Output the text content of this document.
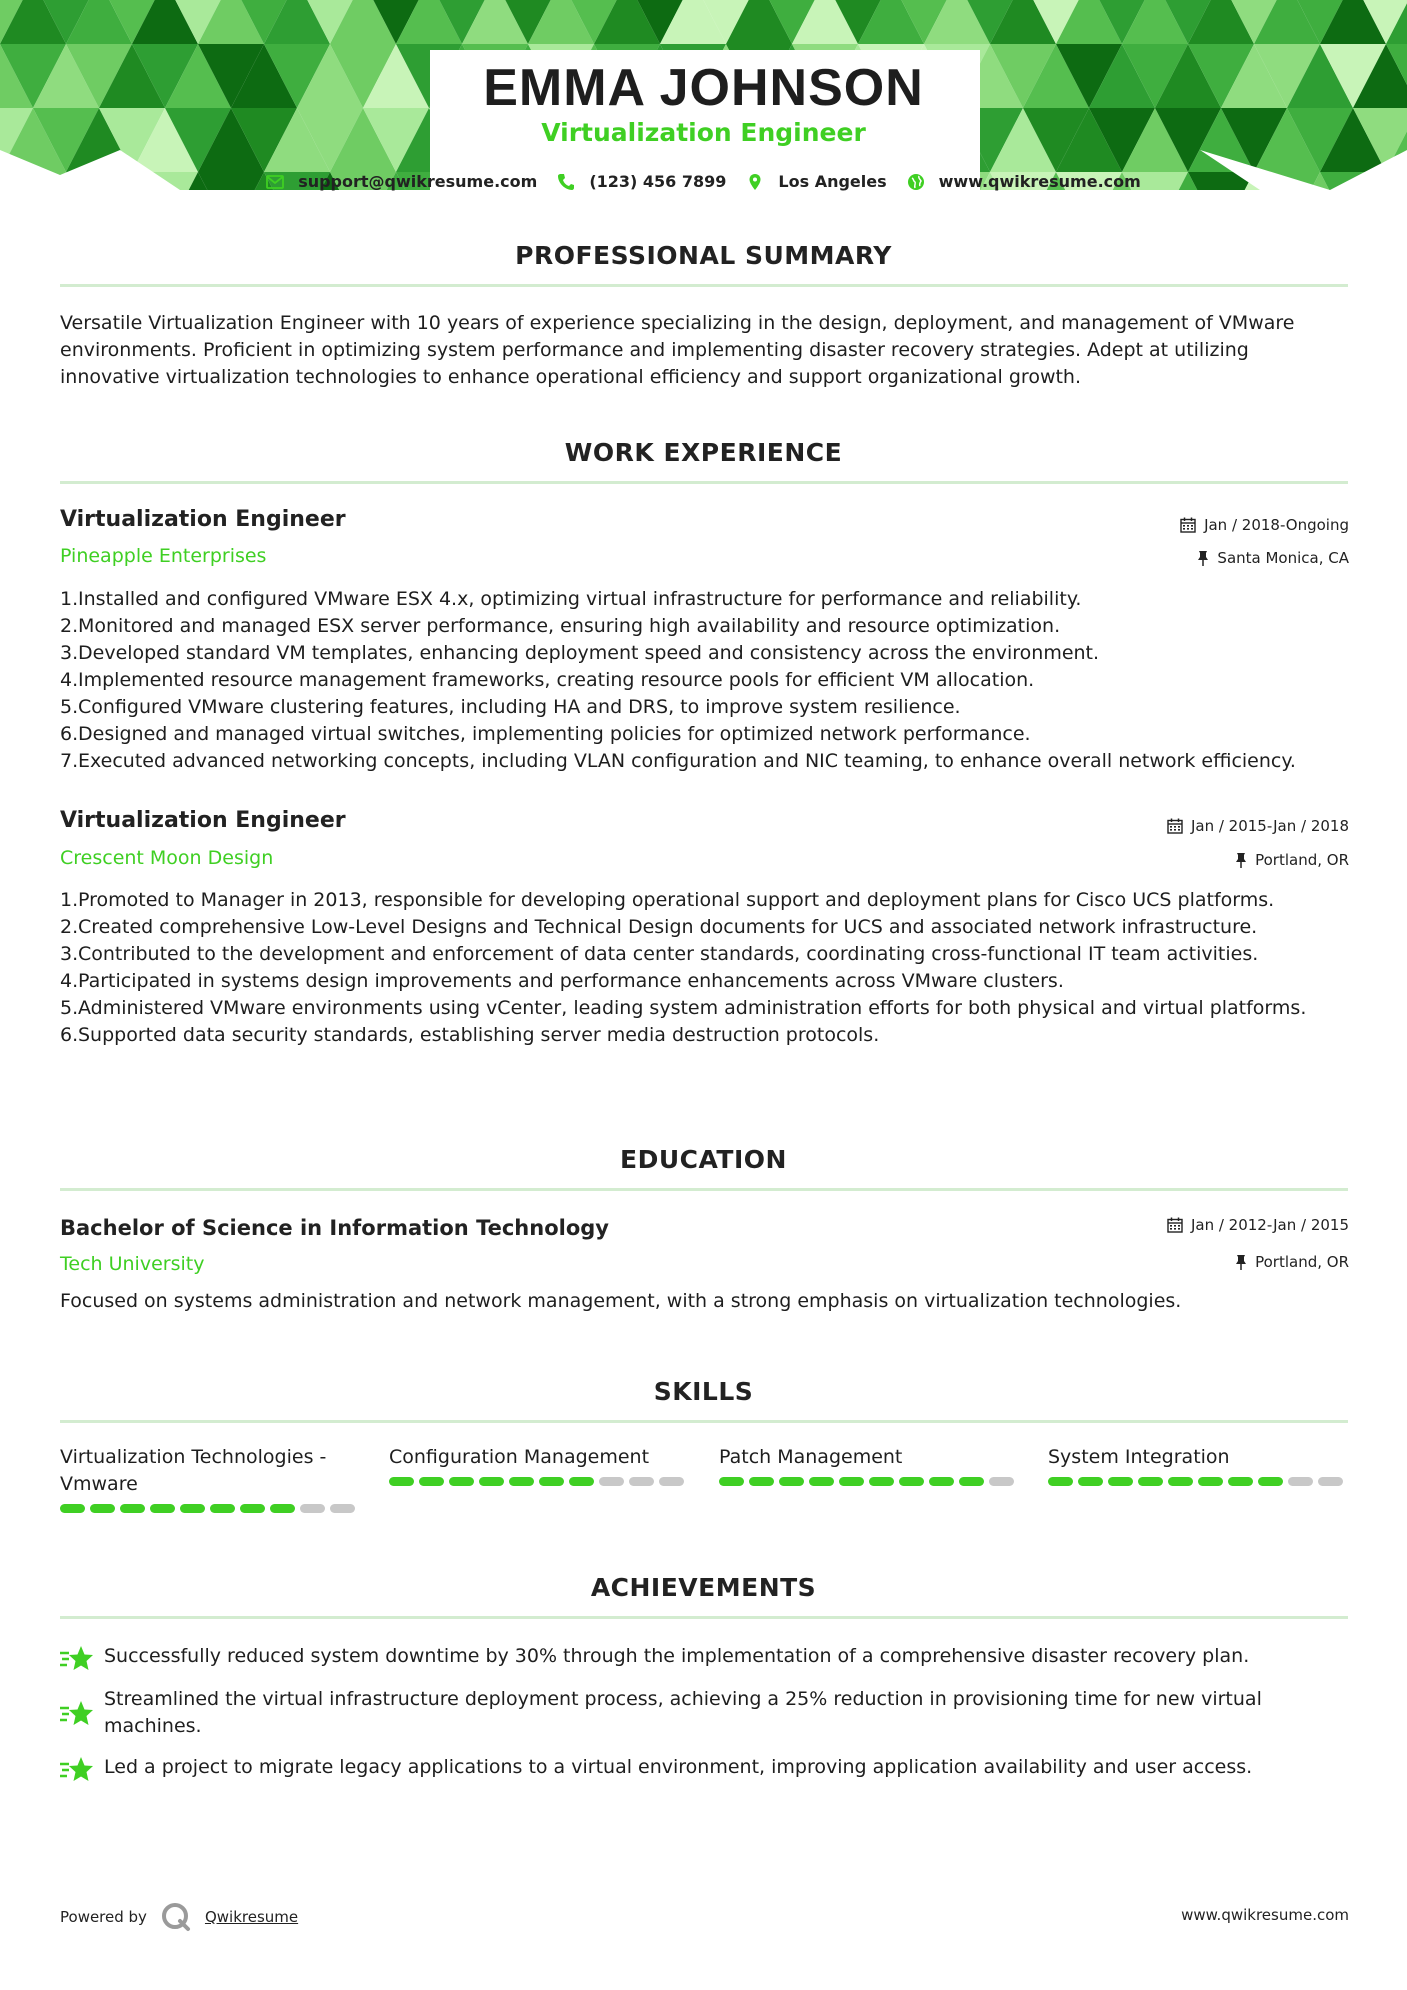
EMMA JOHNSON
Virtualization Engineer
support@qwikresume.com	(123) 456 7899	Los Angeles	www.qwikresume.com
PROFESSIONAL SUMMARY
Versatile Virtualization Engineer with 10 years of experience specializing in the design, deployment, and management of VMware environments. Proficient in optimizing system performance and implementing disaster recovery strategies. Adept at utilizing innovative virtualization technologies to enhance operational efficiency and support organizational growth.
WORK EXPERIENCE
Virtualization Engineer	Jan / 2018-Ongoing
Pineapple Enterprises	Santa Monica, CA
1. Installed and configured VMware ESX 4.x, optimizing virtual infrastructure for performance and reliability.
2. Monitored and managed ESX server performance, ensuring high availability and resource optimization.
3. Developed standard VM templates, enhancing deployment speed and consistency across the environment.
4. Implemented resource management frameworks, creating resource pools for efficient VM allocation.
5. Configured VMware clustering features, including HA and DRS, to improve system resilience.
6. Designed and managed virtual switches, implementing policies for optimized network performance.
7. Executed advanced networking concepts, including VLAN configuration and NIC teaming, to enhance overall network efficiency.
Virtualization Engineer	Jan / 2015-Jan / 2018
Crescent Moon Design	Portland, OR
1. Promoted to Manager in 2013, responsible for developing operational support and deployment plans for Cisco UCS platforms.
2. Created comprehensive Low-Level Designs and Technical Design documents for UCS and associated network infrastructure.
3. Contributed to the development and enforcement of data center standards, coordinating cross-functional IT team activities.
4. Participated in systems design improvements and performance enhancements across VMware clusters.
5. Administered VMware environments using vCenter, leading system administration efforts for both physical and virtual platforms.
6. Supported data security standards, establishing server media destruction protocols.
EDUCATION
Bachelor of Science in Information Technology	Jan / 2012-Jan / 2015
Tech University	Portland, OR
Focused on systems administration and network management, with a strong emphasis on virtualization technologies.
SKILLS
Virtualization Technologies - Vmware
Configuration Management	Patch Management	System Integration
ACHIEVEMENTS
Successfully reduced system downtime by 30% through the implementation of a comprehensive disaster recovery plan.
Streamlined the virtual infrastructure deployment process, achieving a 25% reduction in provisioning time for new virtual machines.
Led a project to migrate legacy applications to a virtual environment, improving application availability and user access.
Powered by	Qwikresume	www.qwikresume.com
